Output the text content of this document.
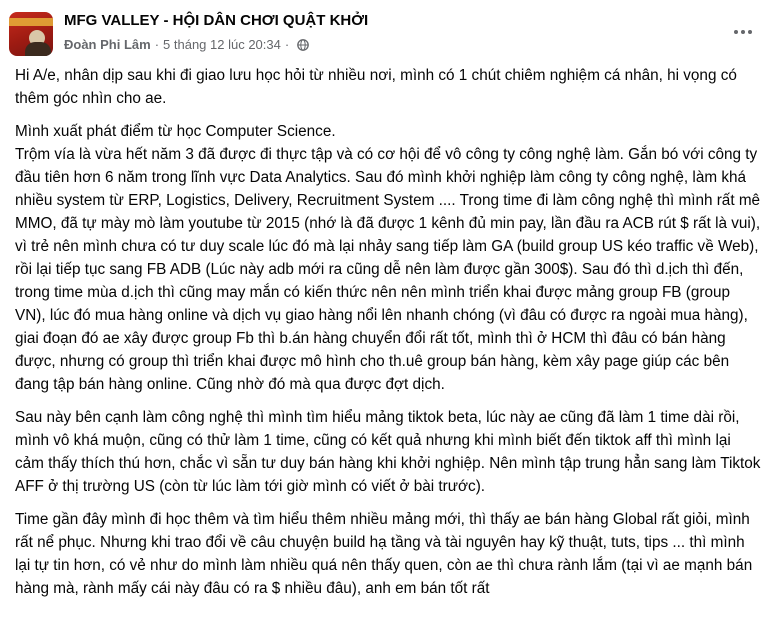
MFG VALLEY - HỘI DÂN CHƠI QUẬT KHỞI
Đoàn Phi Lâm · 5 tháng 12 lúc 20:34 ·

Hi A/e, nhân dịp sau khi đi giao lưu học hỏi từ nhiều nơi, mình có 1 chút chiêm nghiệm cá nhân, hi vọng có thêm góc nhìn cho ae.

Mình xuất phát điểm từ học Computer Science.
Trộm vía là vừa hết năm 3 đã được đi thực tập và có cơ hội để vô công ty công nghệ làm. Gắn bó với công ty đầu tiên hơn 6 năm trong lĩnh vực Data Analytics. Sau đó mình khởi nghiệp làm công ty công nghệ, làm khá nhiều system từ ERP, Logistics, Delivery, Recruitment System .... Trong time đi làm công nghệ thì mình rất mê MMO, đã tự mày mò làm youtube từ 2015 (nhớ là đã được 1 kênh đủ min pay, lần đầu ra ACB rút $ rất là vui), vì trẻ nên mình chưa có tư duy scale lúc đó mà lại nhảy sang tiếp làm GA (build group US kéo traffic về Web), rồi lại tiếp tục sang FB ADB (Lúc này adb mới ra cũng dễ nên làm được gần 300$). Sau đó thì d.ịch thì đến, trong time mùa d.ịch thì cũng may mắn có kiến thức nên nên mình triển khai được mảng group FB (group VN), lúc đó mua hàng online và dịch vụ giao hàng nổi lên nhanh chóng (vì đâu có được ra ngoài mua hàng), giai đoạn đó ae xây được group Fb thì b.án hàng chuyển đổi rất tốt, mình thì ở HCM thì đâu có bán hàng được, nhưng có group thì triển khai được mô hình cho th.uê group bán hàng, kèm xây page giúp các bên đang tập bán hàng online. Cũng nhờ đó mà qua được đợt dịch.

Sau này bên cạnh làm công nghệ thì mình tìm hiểu mảng tiktok beta, lúc này ae cũng đã làm 1 time dài rồi, mình vô khá muộn, cũng có thử làm 1 time, cũng có kết quả nhưng khi mình biết đến tiktok aff thì mình lại cảm thấy thích thú hơn, chắc vì sẵn tư duy bán hàng khi khởi nghiệp. Nên mình tập trung hẳn sang làm Tiktok AFF ở thị trường US (còn từ lúc làm tới giờ mình có viết ở bài trước).

Time gần đây mình đi học thêm và tìm hiểu thêm nhiều mảng mới, thì thấy ae bán hàng Global rất giỏi, mình rất nể phục. Nhưng khi trao đổi về câu chuyện build hạ tầng và tài nguyên hay kỹ thuật, tuts, tips ... thì mình lại tự tin hơn, có vẻ như do mình làm nhiều quá nên thấy quen, còn ae thì chưa rành lắm (tại vì ae mạnh bán hàng mà, rành mấy cái này đâu có ra $ nhiều đâu), anh em bán tốt rất
